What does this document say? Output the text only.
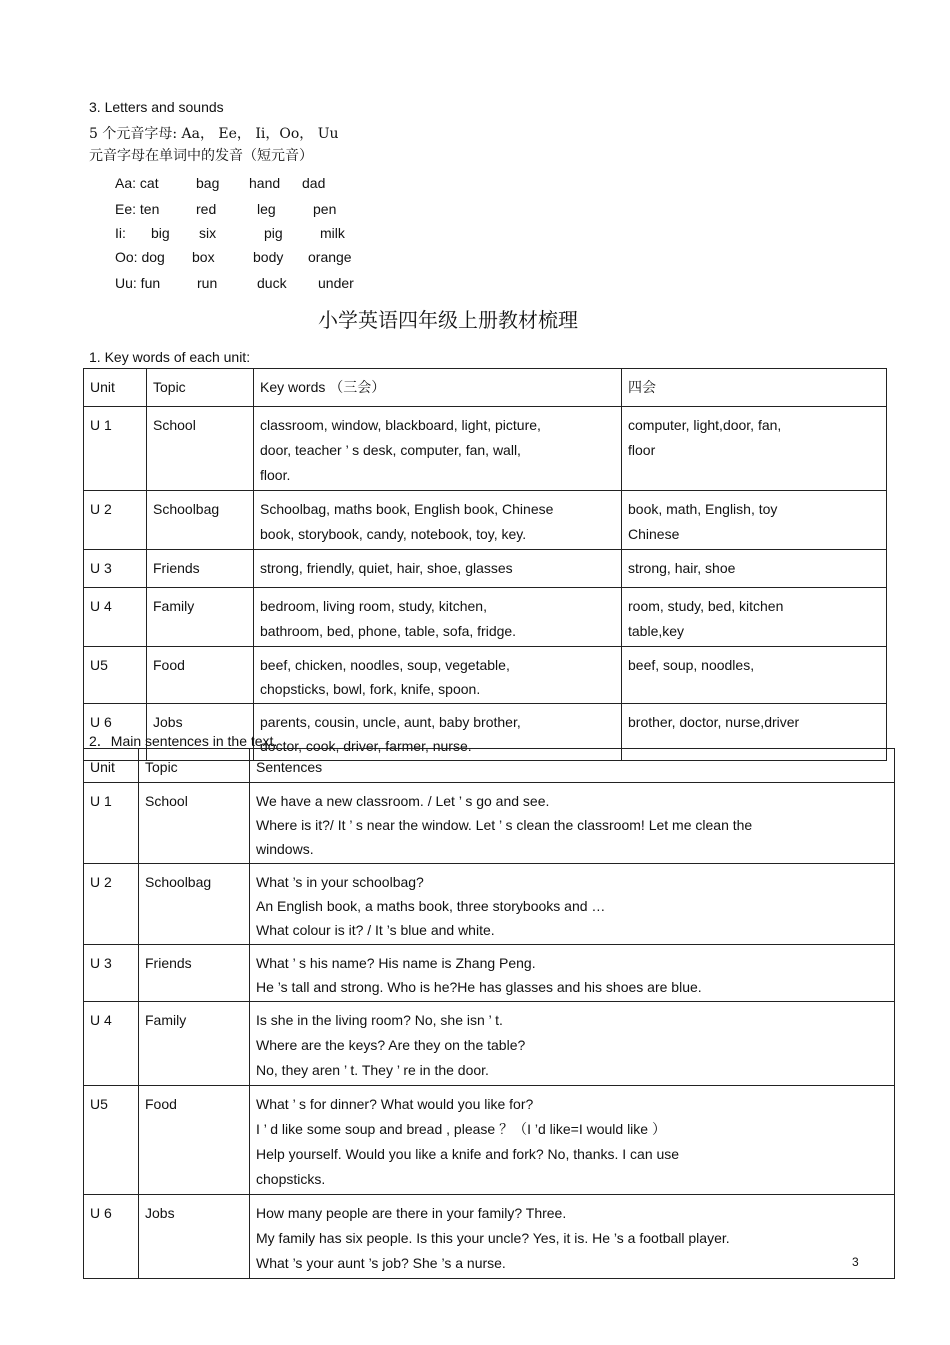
3. Letters and sounds
5 个元音字母: Aa， Ee， Ii，Oo， Uu
元音字母在单词中的发音（短元音）
Aa: cat	bag hand dad
Ee: ten	red	leg	pen
Ii: big six	pig	milk
Oo: dog box	body orange
Uu: fun	run	duck under
小学英语四年级上册教材梳理
1. Key words of each unit:
Unit	Topic	Key words （三会）	四会
U 1	School	classroom, window, blackboard, light, picture,
door, teacher ’ s desk, computer, fan, wall,
floor.	computer, light,door, fan,
floor

U 2	Schoolbag	Schoolbag, maths book, English book, Chinese
book, storybook, candy, notebook, toy, key.	book, math, English, toy
Chinese

U 3	Friends	strong, friendly, quiet, hair, shoe, glasses	strong, hair, shoe

U 4	Family	bedroom, living room, study, kitchen,
bathroom, bed, phone, table, sofa, fridge.	room, study, bed, kitchen
table,key

U5	Food	beef, chicken, noodles, soup, vegetable,
chopsticks, bowl, fork, knife, spoon.	beef, soup, noodles,

U 6	Jobs	parents, cousin, uncle, aunt, baby brother,
doctor, cook, driver, farmer, nurse.	brother, doctor, nurse,driver
2．Main sentences in the text.
Unit	Topic	Sentences
U 1	School	We have a new classroom. / Let ’ s go and see.
Where is it?/ It ’ s near the window. Let ’ s clean the classroom! Let me clean the
windows.

U 2	Schoolbag	What ’s in your schoolbag?
An English book, a maths book, three storybooks and …
What colour is it? / It ’s blue and white.

U 3	Friends	What ’ s his name? His name is Zhang Peng.
He ’s tall and strong. Who is he?He has glasses and his shoes are blue.

U 4	Family	Is she in the living room? No, she isn ’ t.
Where are the keys? Are they on the table?
No, they aren ’ t. They ’ re in the door.

U5	Food	What ’ s for dinner? What would you like for?
I ’ d like some soup and bread , please ？（I ’d like=I would like ）
Help yourself. Would you like a knife and fork? No, thanks. I can use
chopsticks.

U 6	Jobs	How many people are there in your family? Three.
My family has six people. Is this your uncle? Yes, it is. He ’s a football player.
What ’s your aunt ’s job? She ’s a nurse.	3
